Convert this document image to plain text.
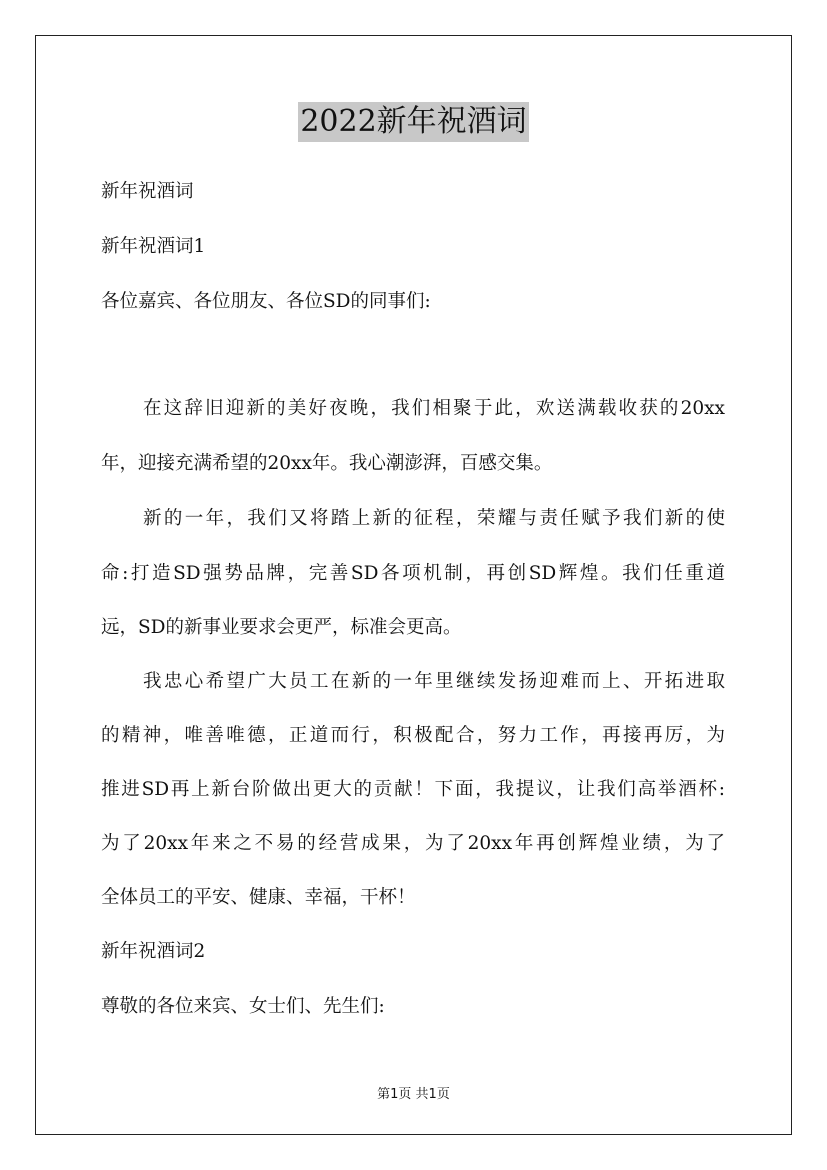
2022新年祝酒词
新年祝酒词
新年祝酒词1
各位嘉宾、各位朋友、各位SD的同事们:
在这辞旧迎新的美好夜晚，我们相聚于此，欢送满载收获的20xx
年，迎接充满希望的20xx年。我心潮澎湃，百感交集。
新的一年，我们又将踏上新的征程，荣耀与责任赋予我们新的使
命:打造SD强势品牌，完善SD各项机制，再创SD辉煌。我们任重道
远，SD的新事业要求会更严，标准会更高。
我忠心希望广大员工在新的一年里继续发扬迎难而上、开拓进取
的精神，唯善唯德，正道而行，积极配合，努力工作，再接再厉，为
推进SD再上新台阶做出更大的贡献！下面，我提议，让我们高举酒杯:
为了20xx年来之不易的经营成果，为了20xx年再创辉煌业绩，为了
全体员工的平安、健康、幸福，干杯！
新年祝酒词2
尊敬的各位来宾、女士们、先生们:
第1页 共1页
